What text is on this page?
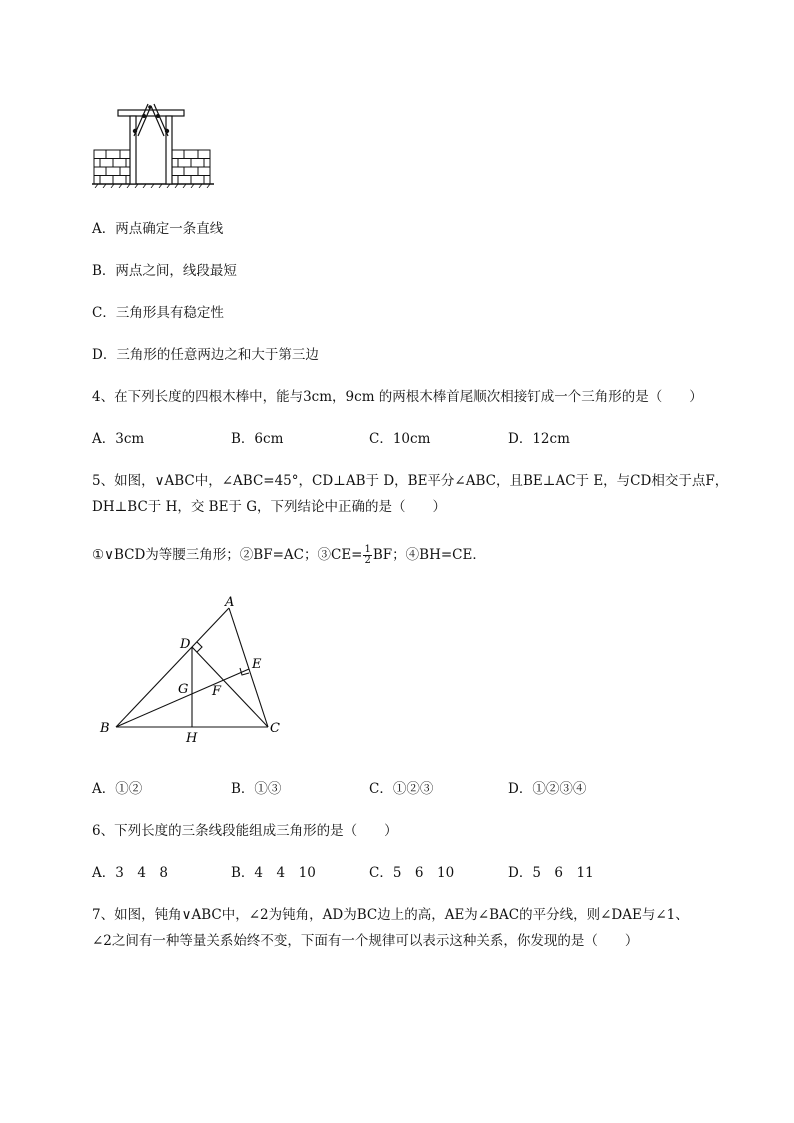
A．两点确定一条直线
B．两点之间，线段最短
C．三角形具有稳定性
D．三角形的任意两边之和大于第三边
4、在下列长度的四根木棒中，能与3cm，9cm 的两根木棒首尾顺次相接钉成一个三角形的是（　　）
A．3cm	B．6cm	C．10cm	D．12cm
5、如图，∨ABC中，∠ABC=45°，CD⊥AB于 D，BE平分∠ABC，且BE⊥AC于 E，与CD相交于点F，
DH⊥BC于 H，交 BE于 G，下列结论中正确的是（　　）
①∨BCD为等腰三角形；②BF=AC；③CE= $\frac{1}{2}$ BF；④BH=CE．
A
D
E
G F
B	C
H
A．①②	B．①③	C．①②③	D．①②③④
6、下列长度的三条线段能组成三角形的是（　　）
A．3　4　8	B．4　4　10	C．5　6　10	D．5　6　11
7、如图，钝角∨ABC中，∠2为钝角，AD为BC边上的高，AE为∠BAC的平分线，则∠DAE与∠1、
∠2之间有一种等量关系始终不变，下面有一个规律可以表示这种关系，你发现的是（　　）
